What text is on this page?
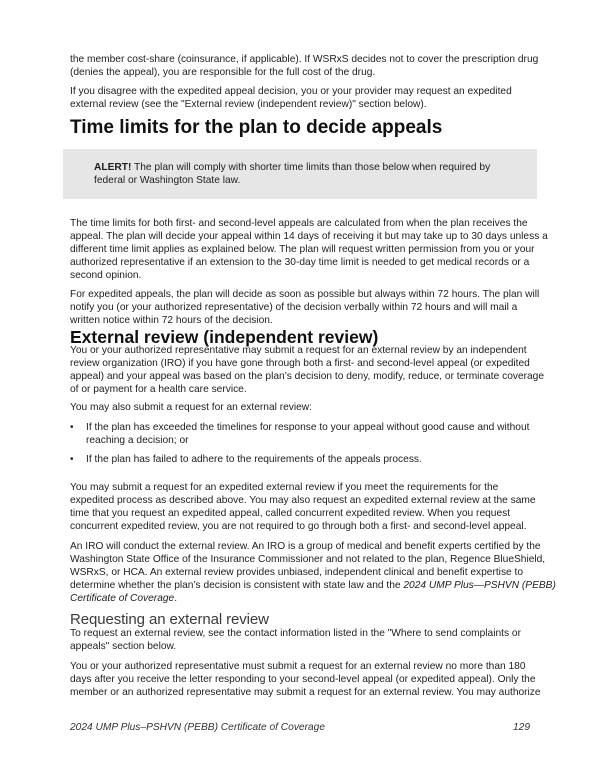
the member cost-share (coinsurance, if applicable). If WSRxS decides not to cover the prescription drug
(denies the appeal), you are responsible for the full cost of the drug.
If you disagree with the expedited appeal decision, you or your provider may request an expedited
external review (see the "External review (independent review)" section below).
Time limits for the plan to decide appeals
ALERT! The plan will comply with shorter time limits than those below when required by
federal or Washington State law.
The time limits for both first- and second-level appeals are calculated from when the plan receives the
appeal. The plan will decide your appeal within 14 days of receiving it but may take up to 30 days unless a
different time limit applies as explained below. The plan will request written permission from you or your
authorized representative if an extension to the 30-day time limit is needed to get medical records or a
second opinion.
For expedited appeals, the plan will decide as soon as possible but always within 72 hours. The plan will
notify you (or your authorized representative) of the decision verbally within 72 hours and will mail a
written notice within 72 hours of the decision.
External review (independent review)
You or your authorized representative may submit a request for an external review by an independent
review organization (IRO) if you have gone through both a first- and second-level appeal (or expedited
appeal) and your appeal was based on the plan’s decision to deny, modify, reduce, or terminate coverage
of or payment for a health care service.
You may also submit a request for an external review:
• If the plan has exceeded the timelines for response to your appeal without good cause and without
reaching a decision; or
• If the plan has failed to adhere to the requirements of the appeals process.
You may submit a request for an expedited external review if you meet the requirements for the
expedited process as described above. You may also request an expedited external review at the same
time that you request an expedited appeal, called concurrent expedited review. When you request
concurrent expedited review, you are not required to go through both a first- and second-level appeal.
An IRO will conduct the external review. An IRO is a group of medical and benefit experts certified by the
Washington State Office of the Insurance Commissioner and not related to the plan, Regence BlueShield,
WSRxS, or HCA. An external review provides unbiased, independent clinical and benefit expertise to
determine whether the plan’s decision is consistent with state law and the 2024 UMP Plus—PSHVN (PEBB)
Certificate of Coverage.
Requesting an external review
To request an external review, see the contact information listed in the "Where to send complaints or
appeals" section below.
You or your authorized representative must submit a request for an external review no more than 180
days after you receive the letter responding to your second-level appeal (or expedited appeal). Only the
member or an authorized representative may submit a request for an external review. You may authorize
2024 UMP Plus–PSHVN (PEBB) Certificate of Coverage	129
